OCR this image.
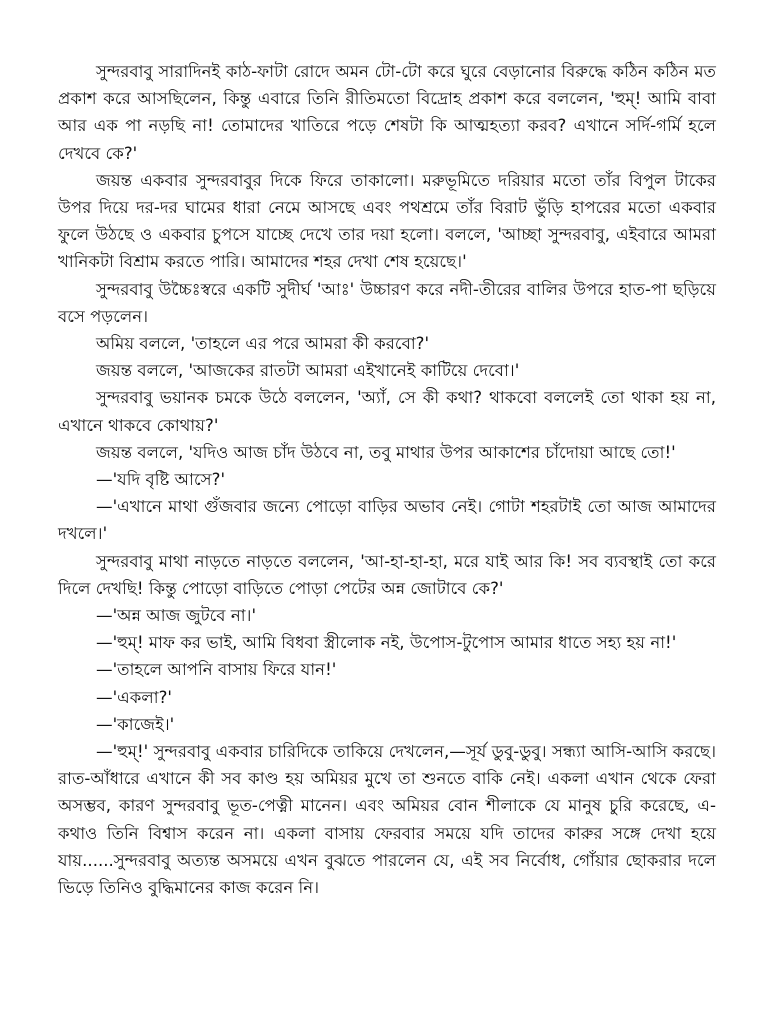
সুন্দরবাবু সারাদিনই কাঠ-ফাটা রোদে অমন টো-টো করে ঘুরে বেড়ানোর বিরুদ্ধে কঠিন কঠিন মত প্রকাশ করে আসছিলেন, কিন্তু এবারে তিনি রীতিমতো বিদ্রোহ প্রকাশ করে বললেন, 'হুম্! আমি বাবা আর এক পা নড়ছি না! তোমাদের খাতিরে পড়ে শেষটা কি আত্মহত্যা করব? এখানে সর্দি-গর্মি হলে দেখবে কে?'

জয়ন্ত একবার সুন্দরবাবুর দিকে ফিরে তাকালো। মরুভূমিতে দরিয়ার মতো তাঁর বিপুল টাকের উপর দিয়ে দর-দর ঘামের ধারা নেমে আসছে এবং পথশ্রমে তাঁর বিরাট ভুঁড়ি হাপরের মতো একবার ফুলে উঠছে ও একবার চুপসে যাচ্ছে দেখে তার দয়া হলো। বললে, 'আচ্ছা সুন্দরবাবু, এইবারে আমরা খানিকটা বিশ্রাম করতে পারি। আমাদের শহর দেখা শেষ হয়েছে।'

সুন্দরবাবু উচ্চৈঃস্বরে একটি সুদীর্ঘ 'আঃ' উচ্চারণ করে নদী-তীরের বালির উপরে হাত-পা ছড়িয়ে বসে পড়লেন।

অমিয় বললে, 'তাহলে এর পরে আমরা কী করবো?'

জয়ন্ত বললে, 'আজকের রাতটা আমরা এইখানেই কাটিয়ে দেবো।'

সুন্দরবাবু ভয়ানক চমকে উঠে বললেন, 'অ্যাঁ, সে কী কথা? থাকবো বললেই তো থাকা হয় না, এখানে থাকবে কোথায়?'

জয়ন্ত বললে, 'যদিও আজ চাঁদ উঠবে না, তবু মাথার উপর আকাশের চাঁদোয়া আছে তো!'

—'যদি বৃষ্টি আসে?'

—'এখানে মাথা গুঁজবার জন্যে পোড়ো বাড়ির অভাব নেই। গোটা শহরটাই তো আজ আমাদের দখলে।'

সুন্দরবাবু মাথা নাড়তে নাড়তে বললেন, 'আ-হা-হা-হা, মরে যাই আর কি! সব ব্যবস্থাই তো করে দিলে দেখছি! কিন্তু পোড়ো বাড়িতে পোড়া পেটের অন্ন জোটাবে কে?'

—'অন্ন আজ জুটবে না।'

—'হুম্! মাফ কর ভাই, আমি বিধবা স্ত্রীলোক নই, উপোস-টুপোস আমার ধাতে সহ্য হয় না!'

—'তাহলে আপনি বাসায় ফিরে যান!'

—'একলা?'

—'কাজেই।'

—'হুম্!' সুন্দরবাবু একবার চারিদিকে তাকিয়ে দেখলেন,—সূর্য ডুবু-ডুবু। সন্ধ্যা আসি-আসি করছে। রাত-আঁধারে এখানে কী সব কাণ্ড হয় অমিয়র মুখে তা শুনতে বাকি নেই। একলা এখান থেকে ফেরা অসম্ভব, কারণ সুন্দরবাবু ভূত-পেত্নী মানেন। এবং অমিয়র বোন শীলাকে যে মানুষ চুরি করেছে, এ-কথাও তিনি বিশ্বাস করেন না। একলা বাসায় ফেরবার সময়ে যদি তাদের কারুর সঙ্গে দেখা হয়ে যায়......সুন্দরবাবু অত্যন্ত অসময়ে এখন বুঝতে পারলেন যে, এই সব নির্বোধ, গোঁয়ার ছোকরার দলে ভিড়ে তিনিও বুদ্ধিমানের কাজ করেন নি।
